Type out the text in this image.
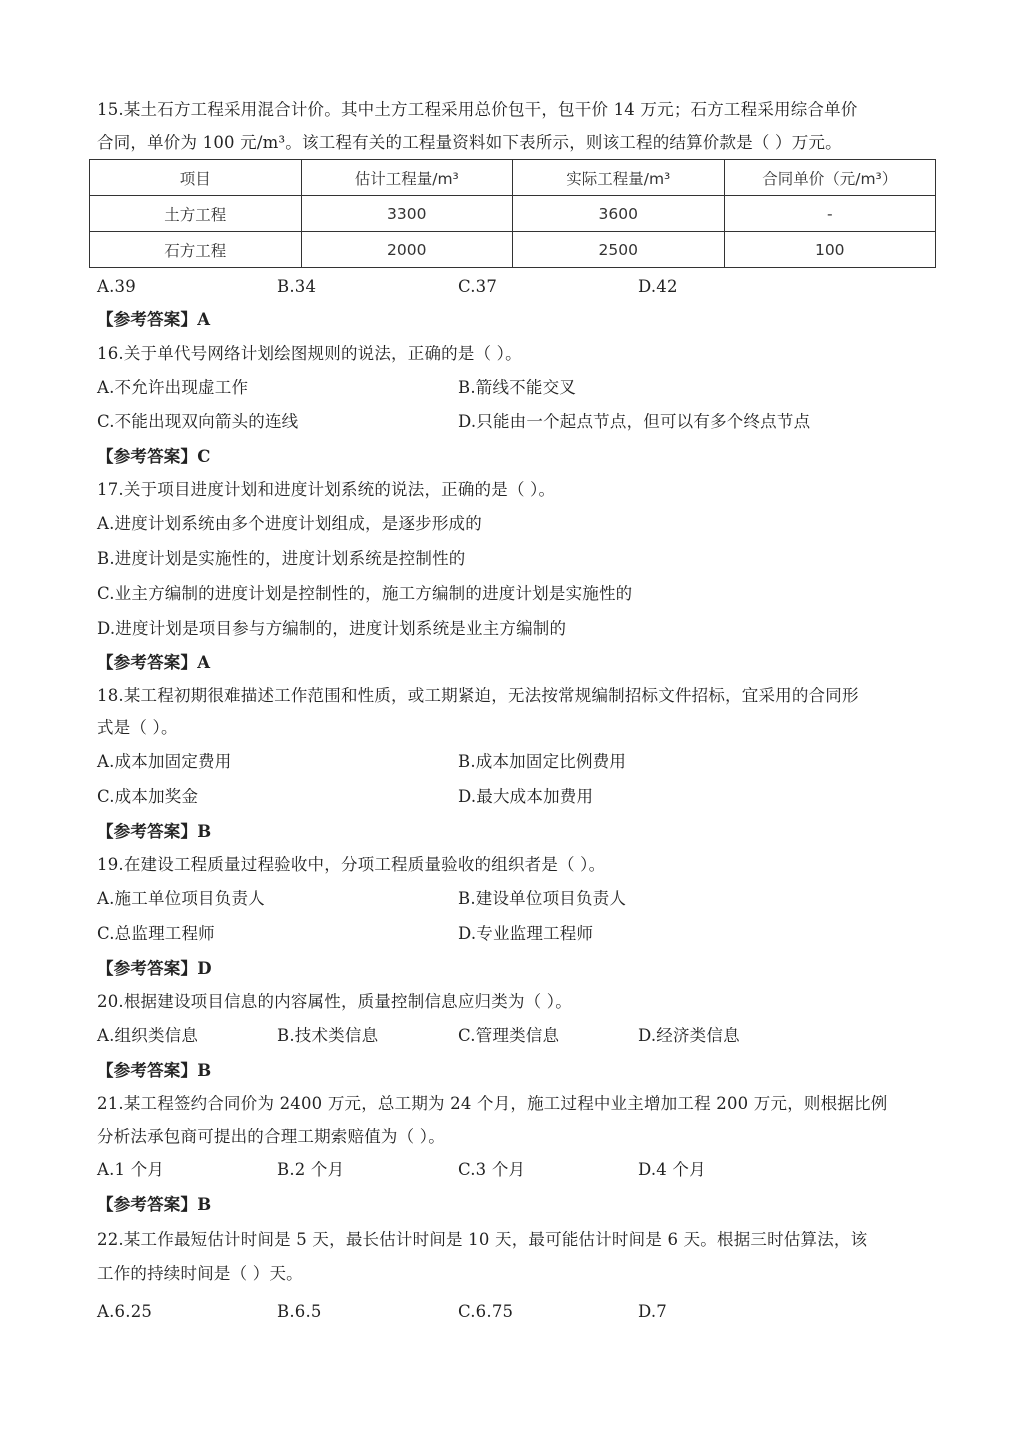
15.某土石方工程采用混合计价。其中土方工程采用总价包干，包干价 14 万元；石方工程采用综合单价
合同，单价为 100 元/m³。该工程有关的工程量资料如下表所示，则该工程的结算价款是（ ）万元。
项目	估计工程量/m³	实际工程量/m³	合同单价（元/m³）
土方工程	3300	3600	-
石方工程	2000	2500	100
A.39	B.34	C.37	D.42
【参考答案】A
16.关于单代号网络计划绘图规则的说法，正确的是（ ）。
A.不允许出现虚工作	B.箭线不能交叉
C.不能出现双向箭头的连线	D.只能由一个起点节点，但可以有多个终点节点
【参考答案】C
17.关于项目进度计划和进度计划系统的说法，正确的是（ ）。
A.进度计划系统由多个进度计划组成，是逐步形成的
B.进度计划是实施性的，进度计划系统是控制性的
C.业主方编制的进度计划是控制性的，施工方编制的进度计划是实施性的
D.进度计划是项目参与方编制的，进度计划系统是业主方编制的
【参考答案】A
18.某工程初期很难描述工作范围和性质，或工期紧迫，无法按常规编制招标文件招标，宜采用的合同形
式是（ ）。
A.成本加固定费用	B.成本加固定比例费用
C.成本加奖金	D.最大成本加费用
【参考答案】B
19.在建设工程质量过程验收中，分项工程质量验收的组织者是（ ）。
A.施工单位项目负责人	B.建设单位项目负责人
C.总监理工程师	D.专业监理工程师
【参考答案】D
20.根据建设项目信息的内容属性，质量控制信息应归类为（ ）。
A.组织类信息	B.技术类信息	C.管理类信息	D.经济类信息
【参考答案】B
21.某工程签约合同价为 2400 万元，总工期为 24 个月，施工过程中业主增加工程 200 万元，则根据比例
分析法承包商可提出的合理工期索赔值为（ ）。
A.1 个月	B.2 个月	C.3 个月	D.4 个月
【参考答案】B
22.某工作最短估计时间是 5 天，最长估计时间是 10 天，最可能估计时间是 6 天。根据三时估算法，该
工作的持续时间是（ ）天。
A.6.25	B.6.5	C.6.75	D.7
